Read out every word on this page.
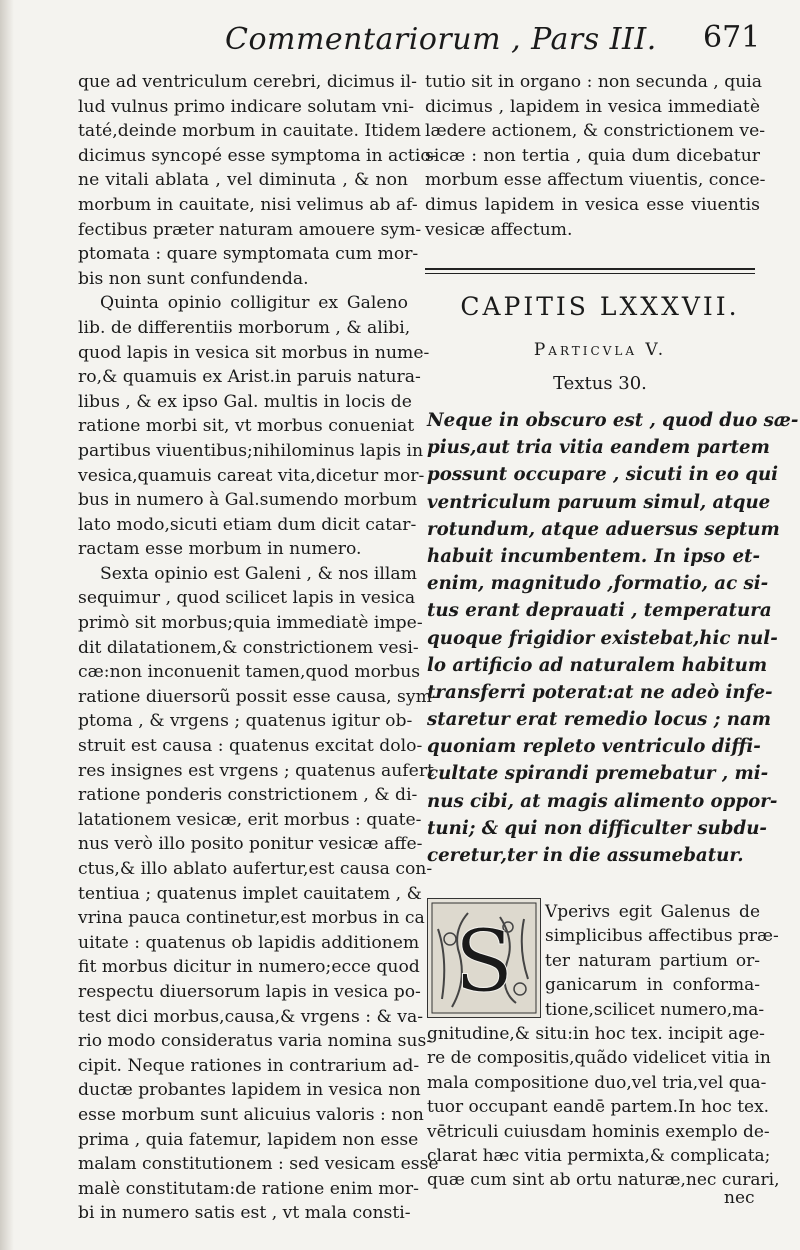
Commentariorum , Pars III. 671
que ad ventriculum cerebri, dicimus il-
lud vulnus primo indicare solutam vni-
taté,deinde morbum in cauitate. Itidem
dicimus syncopé esse symptoma in actio-
ne vitali ablata , vel diminuta , & non
morbum in cauitate, nisi velimus ab af-
fectibus præter naturam amouere sym-
ptomata : quare symptomata cum mor-
bis non sunt confundenda.
Quinta opinio colligitur ex Galeno
lib. de differentiis morborum , & alibi,
quod lapis in vesica sit morbus in nume-
ro,& quamuis ex Arist.in paruis natura-
libus , & ex ipso Gal. multis in locis de
ratione morbi sit, vt morbus conueniat
partibus viuentibus;nihilominus lapis in
vesica,quamuis careat vita,dicetur mor-
bus in numero à Gal.sumendo morbum
lato modo,sicuti etiam dum dicit catar-
ractam esse morbum in numero.
Sexta opinio est Galeni , & nos illam
sequimur , quod scilicet lapis in vesica
primò sit morbus;quia immediatè impe-
dit dilatationem,& constrictionem vesi-
cæ:non inconuenit tamen,quod morbus
ratione diuersorũ possit esse causa, sym-
ptoma , & vrgens ; quatenus igitur ob-
struit est causa : quatenus excitat dolo-
res insignes est vrgens ; quatenus aufert
ratione ponderis constrictionem , & di-
latationem vesicæ, erit morbus : quate-
nus verò illo posito ponitur vesicæ affe-
ctus,& illo ablato aufertur,est causa con-
tentiua ; quatenus implet cauitatem , &
vrina pauca continetur,est morbus in ca
uitate : quatenus ob lapidis additionem
fit morbus dicitur in numero;ecce quod
respectu diuersorum lapis in vesica po-
test dici morbus,causa,& vrgens : & va-
rio modo consideratus varia nomina sus-
cipit. Neque rationes in contrarium ad-
ductæ probantes lapidem in vesica non
esse morbum sunt alicuius valoris : non
prima , quia fatemur, lapidem non esse
malam constitutionem : sed vesicam esse
malè constitutam:de ratione enim mor-
bi in numero satis est , vt mala consti-
tutio sit in organo : non secunda , quia
dicimus , lapidem in vesica immediatè
lædere actionem, & constrictionem ve-
sicæ : non tertia , quia dum dicebatur
morbum esse affectum viuentis, conce-
dimus lapidem in vesica esse viuentis
vesicæ affectum.
CAPITIS LXXXVII.
Particvla V.
Textus 30.
Neque in obscuro est , quod duo sæ-
pius,aut tria vitia eandem partem
possunt occupare , sicuti in eo qui
ventriculum paruum simul, atque
rotundum, atque aduersus septum
habuit incumbentem. In ipso et-
enim, magnitudo ,formatio, ac si-
tus erant deprauati , temperatura
quoque frigidior existebat,hic nul-
lo artificio ad naturalem habitum
transferri poterat:at ne adeò infe-
staretur erat remedio locus ; nam
quoniam repleto ventriculo diffi-
cultate spirandi premebatur , mi-
nus cibi, at magis alimento oppor-
tuni; & qui non difficulter subdu-
ceretur,ter in die assumebatur.
S Vperivs egit Galenus de
simplicibus affectibus præ-
ter naturam partium or-
ganicarum in conforma-
tione,scilicet numero,ma-
gnitudine,& situ:in hoc tex. incipit age-
re de compositis,quãdo videlicet vitia in
mala compositione duo,vel tria,vel qua-
tuor occupant eandē partem.In hoc tex.
vētriculi cuiusdam hominis exemplo de-
clarat hæc vitia permixta,& complicata;
quæ cum sint ab ortu naturæ,nec curari,
nec
